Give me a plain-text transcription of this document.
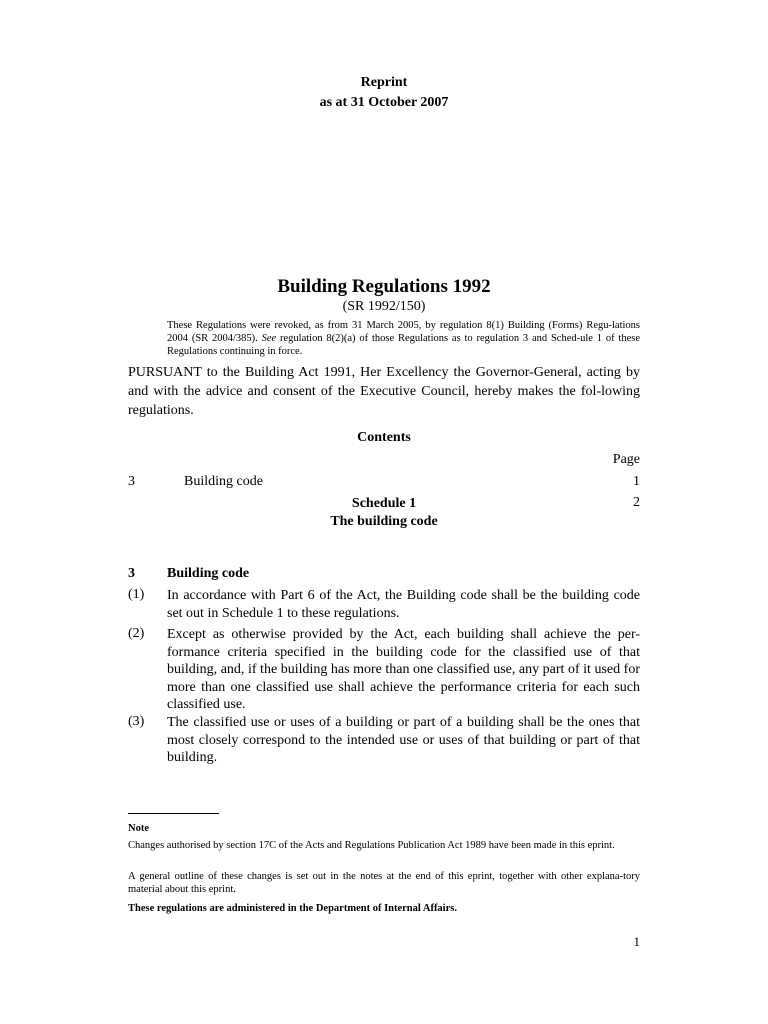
Reprint
as at 31 October 2007
Building Regulations 1992
(SR 1992/150)
These Regulations were revoked, as from 31 March 2005, by regulation 8(1) Building (Forms) Regu-lations 2004 (SR 2004/385). See regulation 8(2)(a) of those Regulations as to regulation 3 and Sched-ule 1 of these Regulations continuing in force.
PURSUANT to the Building Act 1991, Her Excellency the Governor-General, acting by and with the advice and consent of the Executive Council, hereby makes the fol-lowing regulations.
Contents
Page
3	Building code	1
Schedule 1
The building code
2
3 Building code
(1) In accordance with Part 6 of the Act, the Building code shall be the building code set out in Schedule 1 to these regulations.
(2) Except as otherwise provided by the Act, each building shall achieve the per-formance criteria specified in the building code for the classified use of that building, and, if the building has more than one classified use, any part of it used for more than one classified use shall achieve the performance criteria for each such classified use.
(3) The classified use or uses of a building or part of a building shall be the ones that most closely correspond to the intended use or uses of that building or part of that building.
Note
Changes authorised by section 17C of the Acts and Regulations Publication Act 1989 have been made in this eprint.
A general outline of these changes is set out in the notes at the end of this eprint, together with other explana-tory material about this eprint.
These regulations are administered in the Department of Internal Affairs.
1
